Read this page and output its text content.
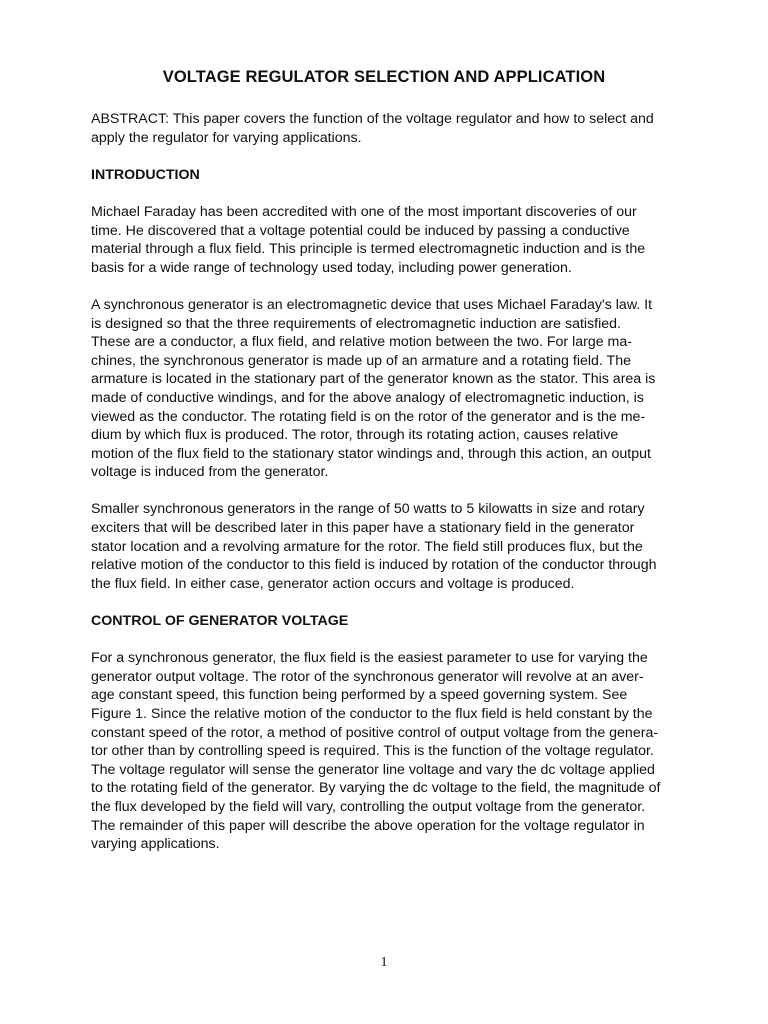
VOLTAGE REGULATOR SELECTION AND APPLICATION

ABSTRACT: This paper covers the function of the voltage regulator and how to select and
apply the regulator for varying applications.

INTRODUCTION

Michael Faraday has been accredited with one of the most important discoveries of our
time. He discovered that a voltage potential could be induced by passing a conductive
material through a flux field. This principle is termed electromagnetic induction and is the
basis for a wide range of technology used today, including power generation.

A synchronous generator is an electromagnetic device that uses Michael Faraday's law. It
is designed so that the three requirements of electromagnetic induction are satisfied.
These are a conductor, a flux field, and relative motion between the two. For large ma-
chines, the synchronous generator is made up of an armature and a rotating field. The
armature is located in the stationary part of the generator known as the stator. This area is
made of conductive windings, and for the above analogy of electromagnetic induction, is
viewed as the conductor. The rotating field is on the rotor of the generator and is the me-
dium by which flux is produced. The rotor, through its rotating action, causes relative
motion of the flux field to the stationary stator windings and, through this action, an output
voltage is induced from the generator.

Smaller synchronous generators in the range of 50 watts to 5 kilowatts in size and rotary
exciters that will be described later in this paper have a stationary field in the generator
stator location and a revolving armature for the rotor. The field still produces flux, but the
relative motion of the conductor to this field is induced by rotation of the conductor through
the flux field. In either case, generator action occurs and voltage is produced.

CONTROL OF GENERATOR VOLTAGE

For a synchronous generator, the flux field is the easiest parameter to use for varying the
generator output voltage. The rotor of the synchronous generator will revolve at an aver-
age constant speed, this function being performed by a speed governing system. See
Figure 1. Since the relative motion of the conductor to the flux field is held constant by the
constant speed of the rotor, a method of positive control of output voltage from the genera-
tor other than by controlling speed is required. This is the function of the voltage regulator.
The voltage regulator will sense the generator line voltage and vary the dc voltage applied
to the rotating field of the generator. By varying the dc voltage to the field, the magnitude of
the flux developed by the field will vary, controlling the output voltage from the generator.
The remainder of this paper will describe the above operation for the voltage regulator in
varying applications.

1
